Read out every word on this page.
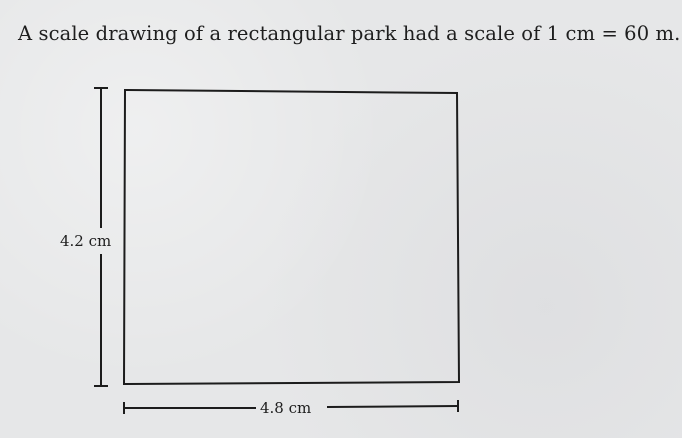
A scale drawing of a rectangular park had a scale of 1 cm = 60 m.
4.2 cm
4.8 cm
